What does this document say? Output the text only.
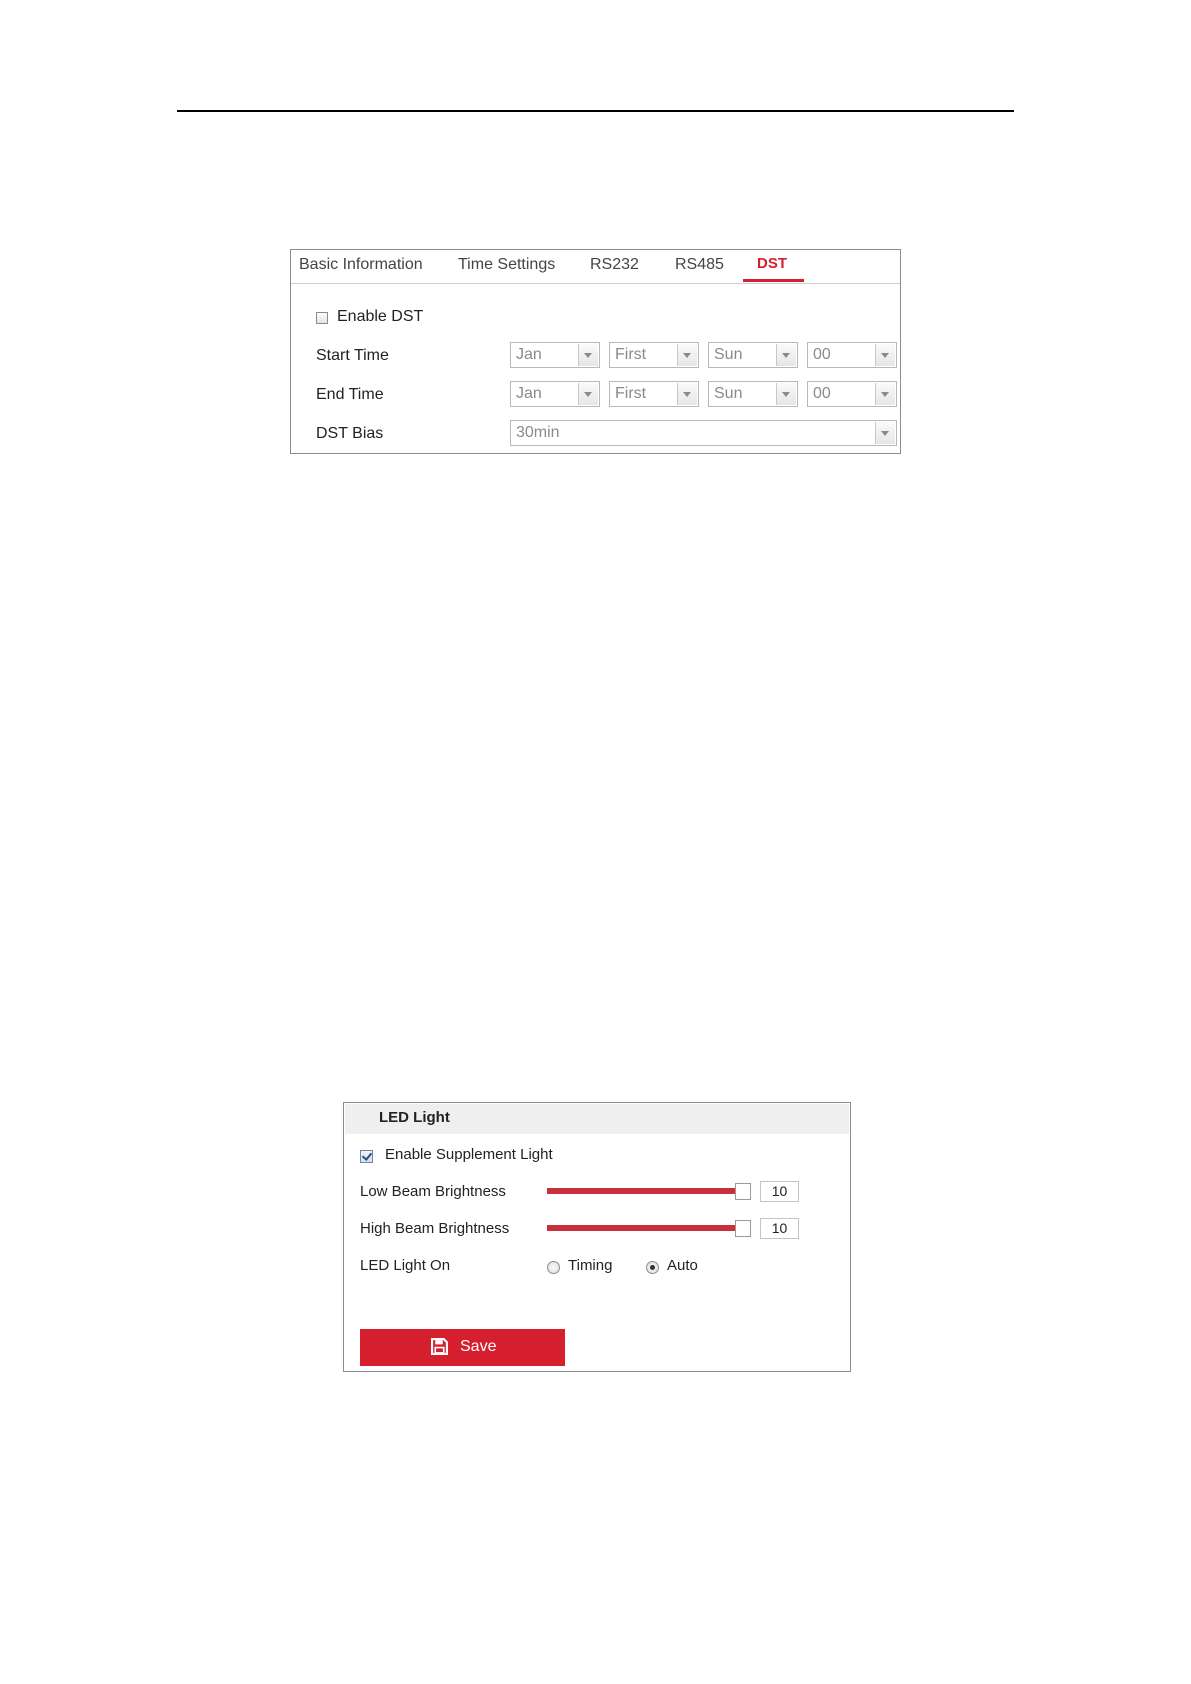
Basic Information Time Settings RS232 RS485 DST
Enable DST
Start Time	Jan	First	Sun	00
End Time	Jan	First	Sun	00
DST Bias	30min
LED Light
Enable Supplement Light
Low Beam Brightness	10
High Beam Brightness	10
LED Light On	Timing	Auto
Save
